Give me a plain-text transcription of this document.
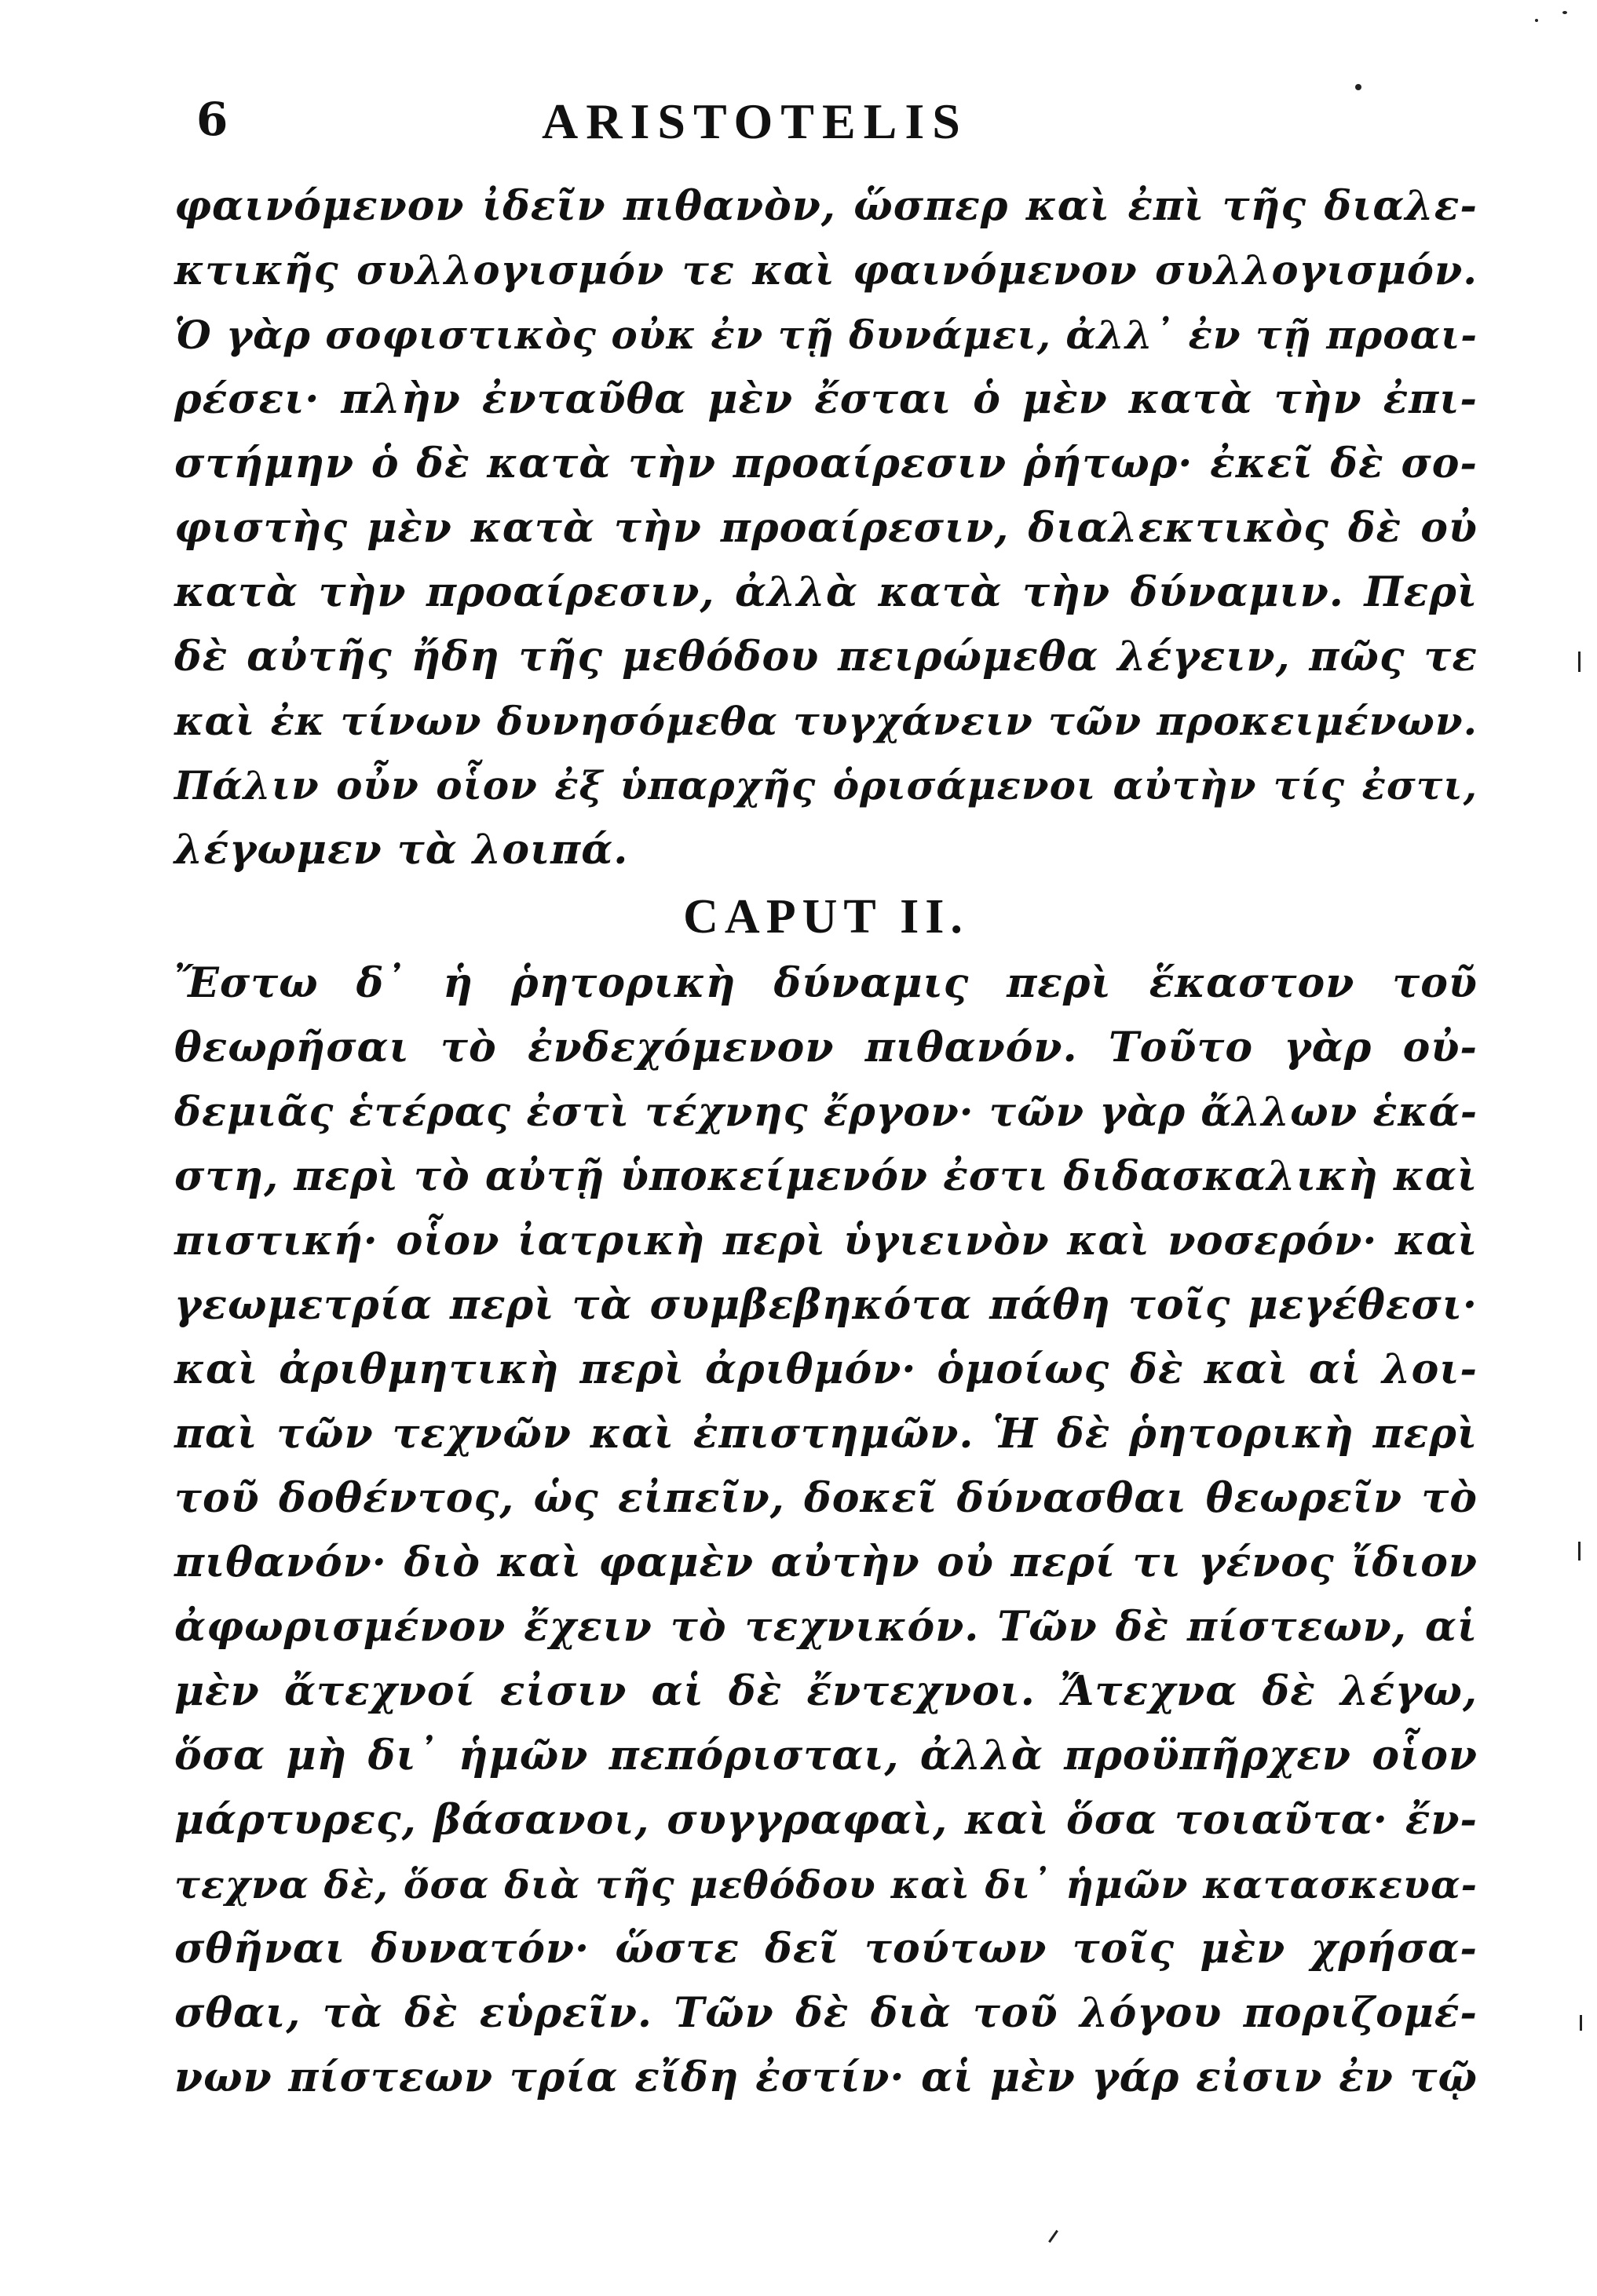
6	ARISTOTELIS
φαινόμενον ἰδεῖν πιθανὸν, ὥσπερ καὶ ἐπὶ τῆς διαλε-
κτικῆς συλλογισμόν τε καὶ φαινόμενον συλλογισμόν.
Ὁ γὰρ σοφιστικὸς οὐκ ἐν τῇ δυνάμει, ἀλλ᾽ ἐν τῇ προαι-
ρέσει· πλὴν ἐνταῦθα μὲν ἔσται ὁ μὲν κατὰ τὴν ἐπι-
στήμην ὁ δὲ κατὰ τὴν προαίρεσιν ῥήτωρ· ἐκεῖ δὲ σο-
φιστὴς μὲν κατὰ τὴν προαίρεσιν, διαλεκτικὸς δὲ οὐ
κατὰ τὴν προαίρεσιν, ἀλλὰ κατὰ τὴν δύναμιν. Περὶ
δὲ αὐτῆς ἤδη τῆς μεθόδου πειρώμεθα λέγειν, πῶς τε
καὶ ἐκ τίνων δυνησόμεθα τυγχάνειν τῶν προκειμένων.
Πάλιν οὖν οἷον ἐξ ὑπαρχῆς ὁρισάμενοι αὐτὴν τίς ἐστι,
λέγωμεν τὰ λοιπά.
CAPUT II.
Ἔστω δ᾽ ἡ ῥητορικὴ δύναμις περὶ ἕκαστον τοῦ
θεωρῆσαι τὸ ἐνδεχόμενον πιθανόν. Τοῦτο γὰρ οὐ-
δεμιᾶς ἑτέρας ἐστὶ τέχνης ἔργον· τῶν γὰρ ἄλλων ἑκά-
στη, περὶ τὸ αὐτῇ ὑποκείμενόν ἐστι διδασκαλικὴ καὶ
πιστική· οἷον ἰατρικὴ περὶ ὑγιεινὸν καὶ νοσερόν· καὶ
γεωμετρία περὶ τὰ συμβεβηκότα πάθη τοῖς μεγέθεσι·
καὶ ἀριθμητικὴ περὶ ἀριθμόν· ὁμοίως δὲ καὶ αἱ λοι-
παὶ τῶν τεχνῶν καὶ ἐπιστημῶν. Ἡ δὲ ῥητορικὴ περὶ
τοῦ δοθέντος, ὡς εἰπεῖν, δοκεῖ δύνασθαι θεωρεῖν τὸ
πιθανόν· διὸ καὶ φαμὲν αὐτὴν οὐ περί τι γένος ἴδιον
ἀφωρισμένον ἔχειν τὸ τεχνικόν. Τῶν δὲ πίστεων, αἱ
μὲν ἄτεχνοί εἰσιν αἱ δὲ ἔντεχνοι. Ἄτεχνα δὲ λέγω,
ὅσα μὴ δι᾽ ἡμῶν πεπόρισται, ἀλλὰ προϋπῆρχεν οἷον
μάρτυρες, βάσανοι, συγγραφαὶ, καὶ ὅσα τοιαῦτα· ἔν-
τεχνα δὲ, ὅσα διὰ τῆς μεθόδου καὶ δι᾽ ἡμῶν κατασκευα-
σθῆναι δυνατόν· ὥστε δεῖ τούτων τοῖς μὲν χρήσα-
σθαι, τὰ δὲ εὑρεῖν. Τῶν δὲ διὰ τοῦ λόγου ποριζομέ-
νων πίστεων τρία εἴδη ἐστίν· αἱ μὲν γάρ εἰσιν ἐν τῷ
